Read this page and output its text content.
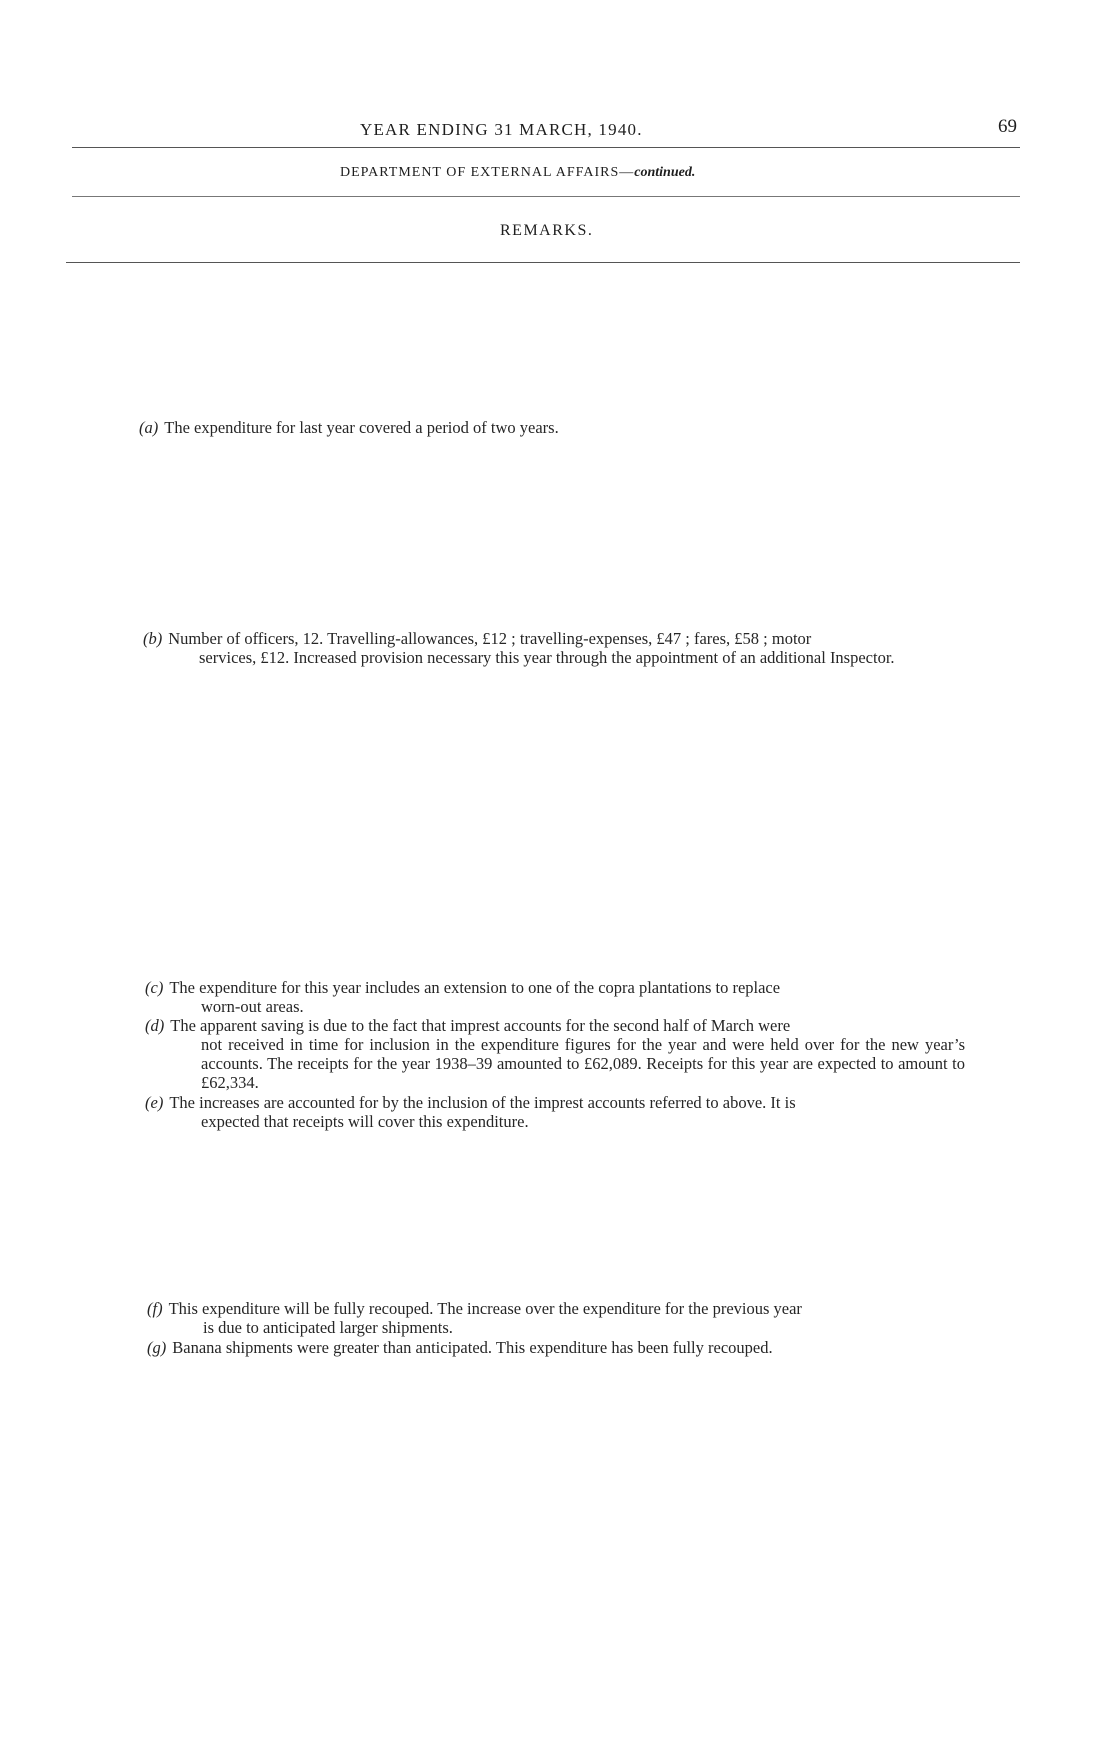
YEAR ENDING 31 MARCH, 1940.	69
DEPARTMENT OF EXTERNAL AFFAIRS—continued.
REMARKS.
(a) The expenditure for last year covered a period of two years.
(b) Number of officers, 12. Travelling-allowances, £12 ; travelling-expenses, £47 ; fares, £58 ; motor
services, £12. Increased provision necessary this year through the appointment of an additional Inspector.
(c) The expenditure for this year includes an extension to one of the copra plantations to replace
worn-out areas.
(d) The apparent saving is due to the fact that imprest accounts for the second half of March were
not received in time for inclusion in the expenditure figures for the year and were held over for the new year’s accounts. The receipts for the year 1938–39 amounted to £62,089. Receipts for this year are expected to amount to £62,334.
(e) The increases are accounted for by the inclusion of the imprest accounts referred to above. It is
expected that receipts will cover this expenditure.
(f) This expenditure will be fully recouped. The increase over the expenditure for the previous year
is due to anticipated larger shipments.
(g) Banana shipments were greater than anticipated. This expenditure has been fully recouped.
